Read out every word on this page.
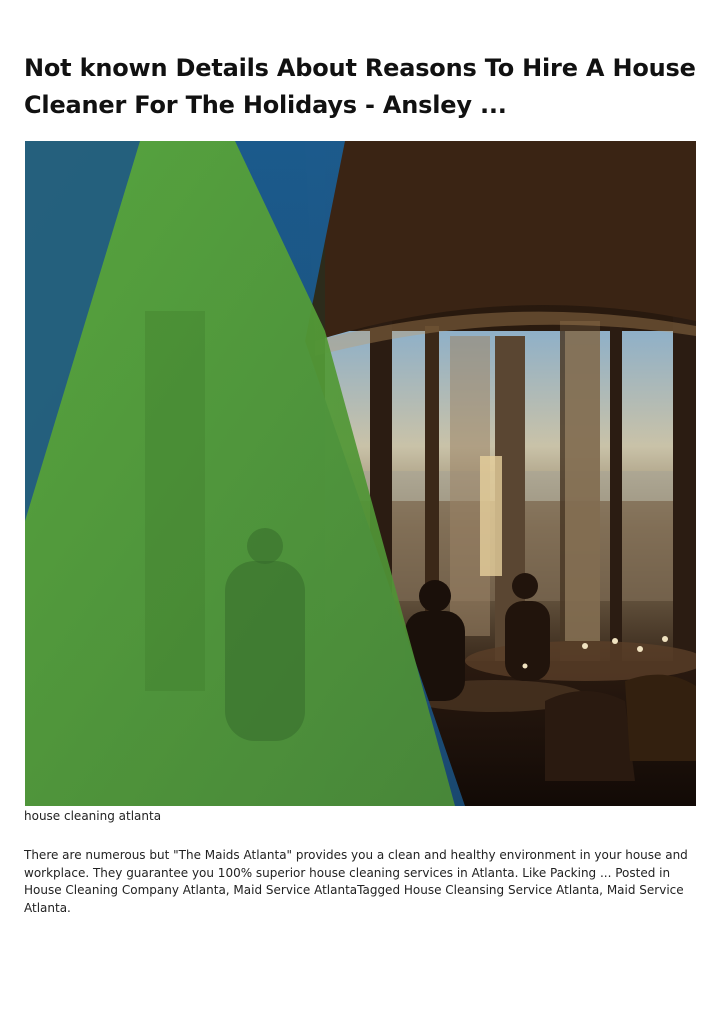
Not known Details About Reasons To Hire A House Cleaner For The Holidays - Ansley ...
house cleaning atlanta

There are numerous but "The Maids Atlanta" provides you a clean and healthy environment in your house and workplace. They guarantee you 100% superior house cleaning services in Atlanta. Like Packing ... Posted in House Cleaning Company Atlanta, Maid Service AtlantaTagged House Cleansing Service Atlanta, Maid Service Atlanta.
